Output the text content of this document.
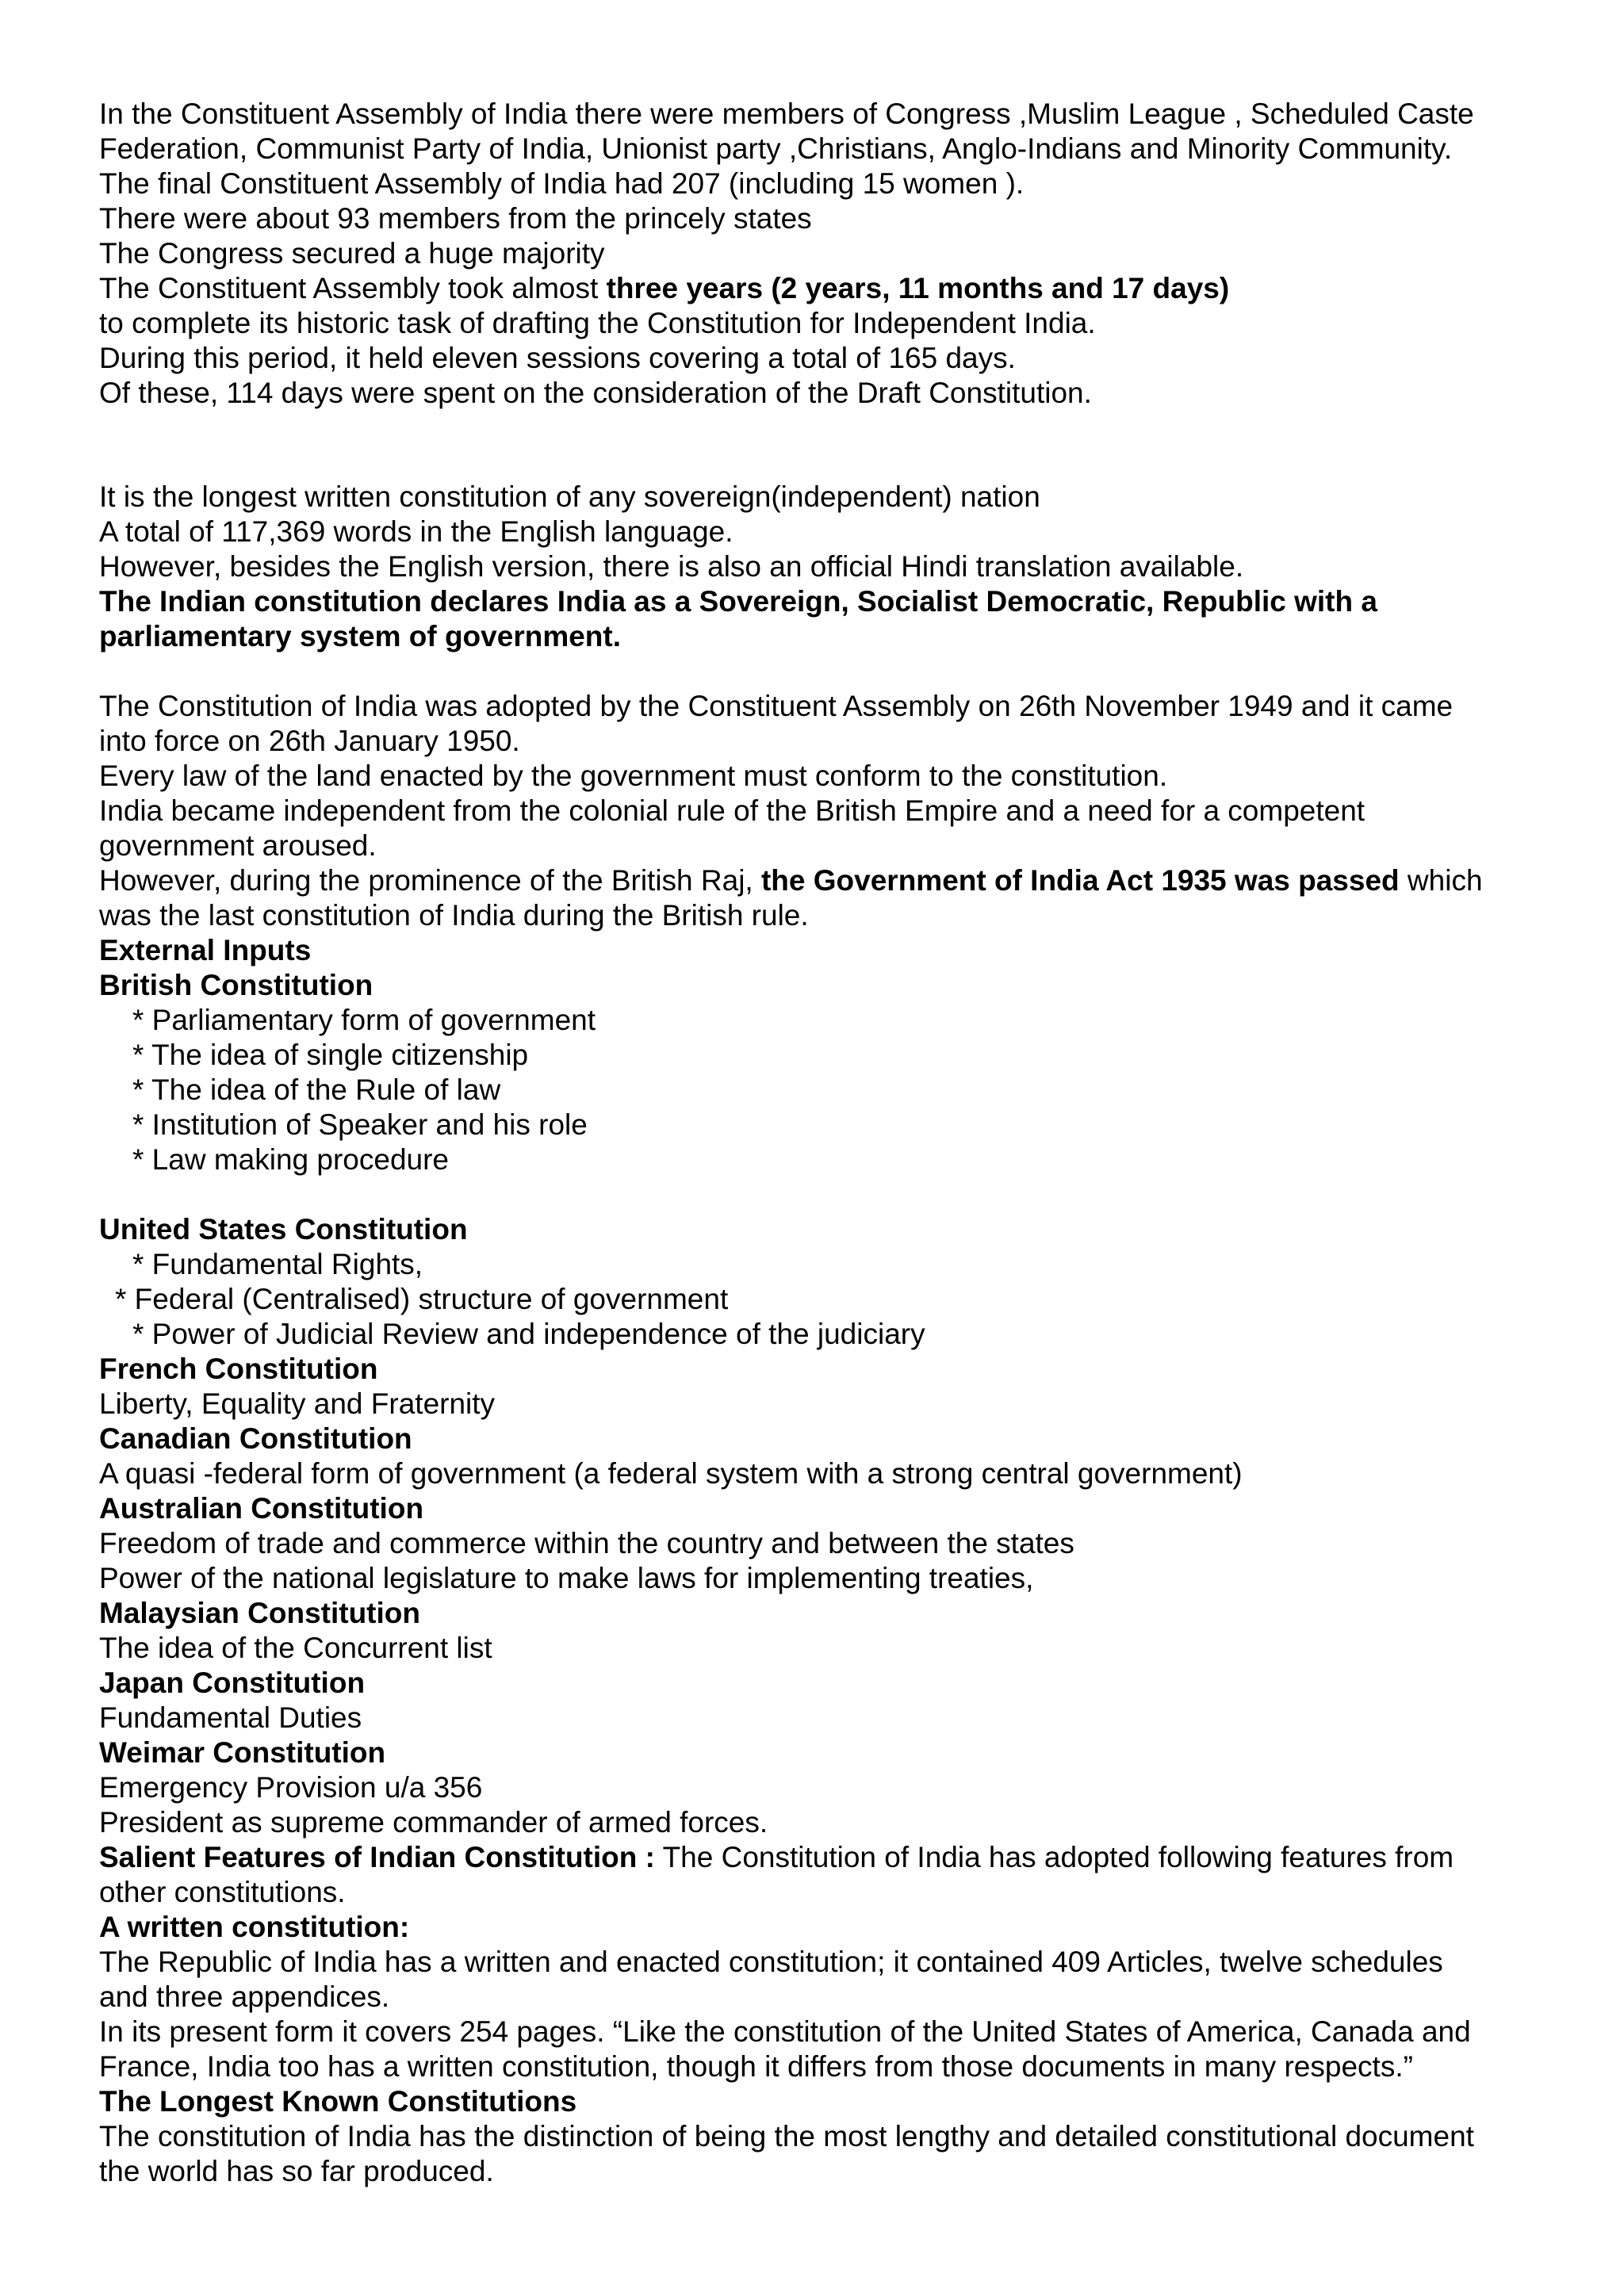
In the Constituent Assembly of India there were members of Congress ,Muslim League , Scheduled Caste
Federation, Communist Party of India, Unionist party ,Christians, Anglo-Indians and Minority Community.
The final Constituent Assembly of India had 207 (including 15 women ).
There were about 93 members from the princely states
The Congress secured a huge majority
The Constituent Assembly took almost three years (2 years, 11 months and 17 days)
to complete its historic task of drafting the Constitution for Independent India.
During this period, it held eleven sessions covering a total of 165 days.
Of these, 114 days were spent on the consideration of the Draft Constitution.
It is the longest written constitution of any sovereign(independent) nation
A total of 117,369 words in the English language.
However, besides the English version, there is also an official Hindi translation available.
The Indian constitution declares India as a Sovereign, Socialist Democratic, Republic with a
parliamentary system of government.
The Constitution of India was adopted by the Constituent Assembly on 26th November 1949 and it came
into force on 26th January 1950.
Every law of the land enacted by the government must conform to the constitution.
India became independent from the colonial rule of the British Empire and a need for a competent
government aroused.
However, during the prominence of the British Raj, the Government of India Act 1935 was passed which
was the last constitution of India during the British rule.
External Inputs
British Constitution
* Parliamentary form of government
* The idea of single citizenship
* The idea of the Rule of law
* Institution of Speaker and his role
* Law making procedure
United States Constitution
* Fundamental Rights,
* Federal (Centralised) structure of government
* Power of Judicial Review and independence of the judiciary
French Constitution
Liberty, Equality and Fraternity
Canadian Constitution
A quasi -federal form of government (a federal system with a strong central government)
Australian Constitution
Freedom of trade and commerce within the country and between the states
Power of the national legislature to make laws for implementing treaties,
Malaysian Constitution
The idea of the Concurrent list
Japan Constitution
Fundamental Duties
Weimar Constitution
Emergency Provision u/a 356
President as supreme commander of armed forces.
Salient Features of Indian Constitution : The Constitution of India has adopted following features from
other constitutions.
A written constitution:
The Republic of India has a written and enacted constitution; it contained 409 Articles, twelve schedules
and three appendices.
In its present form it covers 254 pages. “Like the constitution of the United States of America, Canada and
France, India too has a written constitution, though it differs from those documents in many respects.”
The Longest Known Constitutions
The constitution of India has the distinction of being the most lengthy and detailed constitutional document
the world has so far produced.
